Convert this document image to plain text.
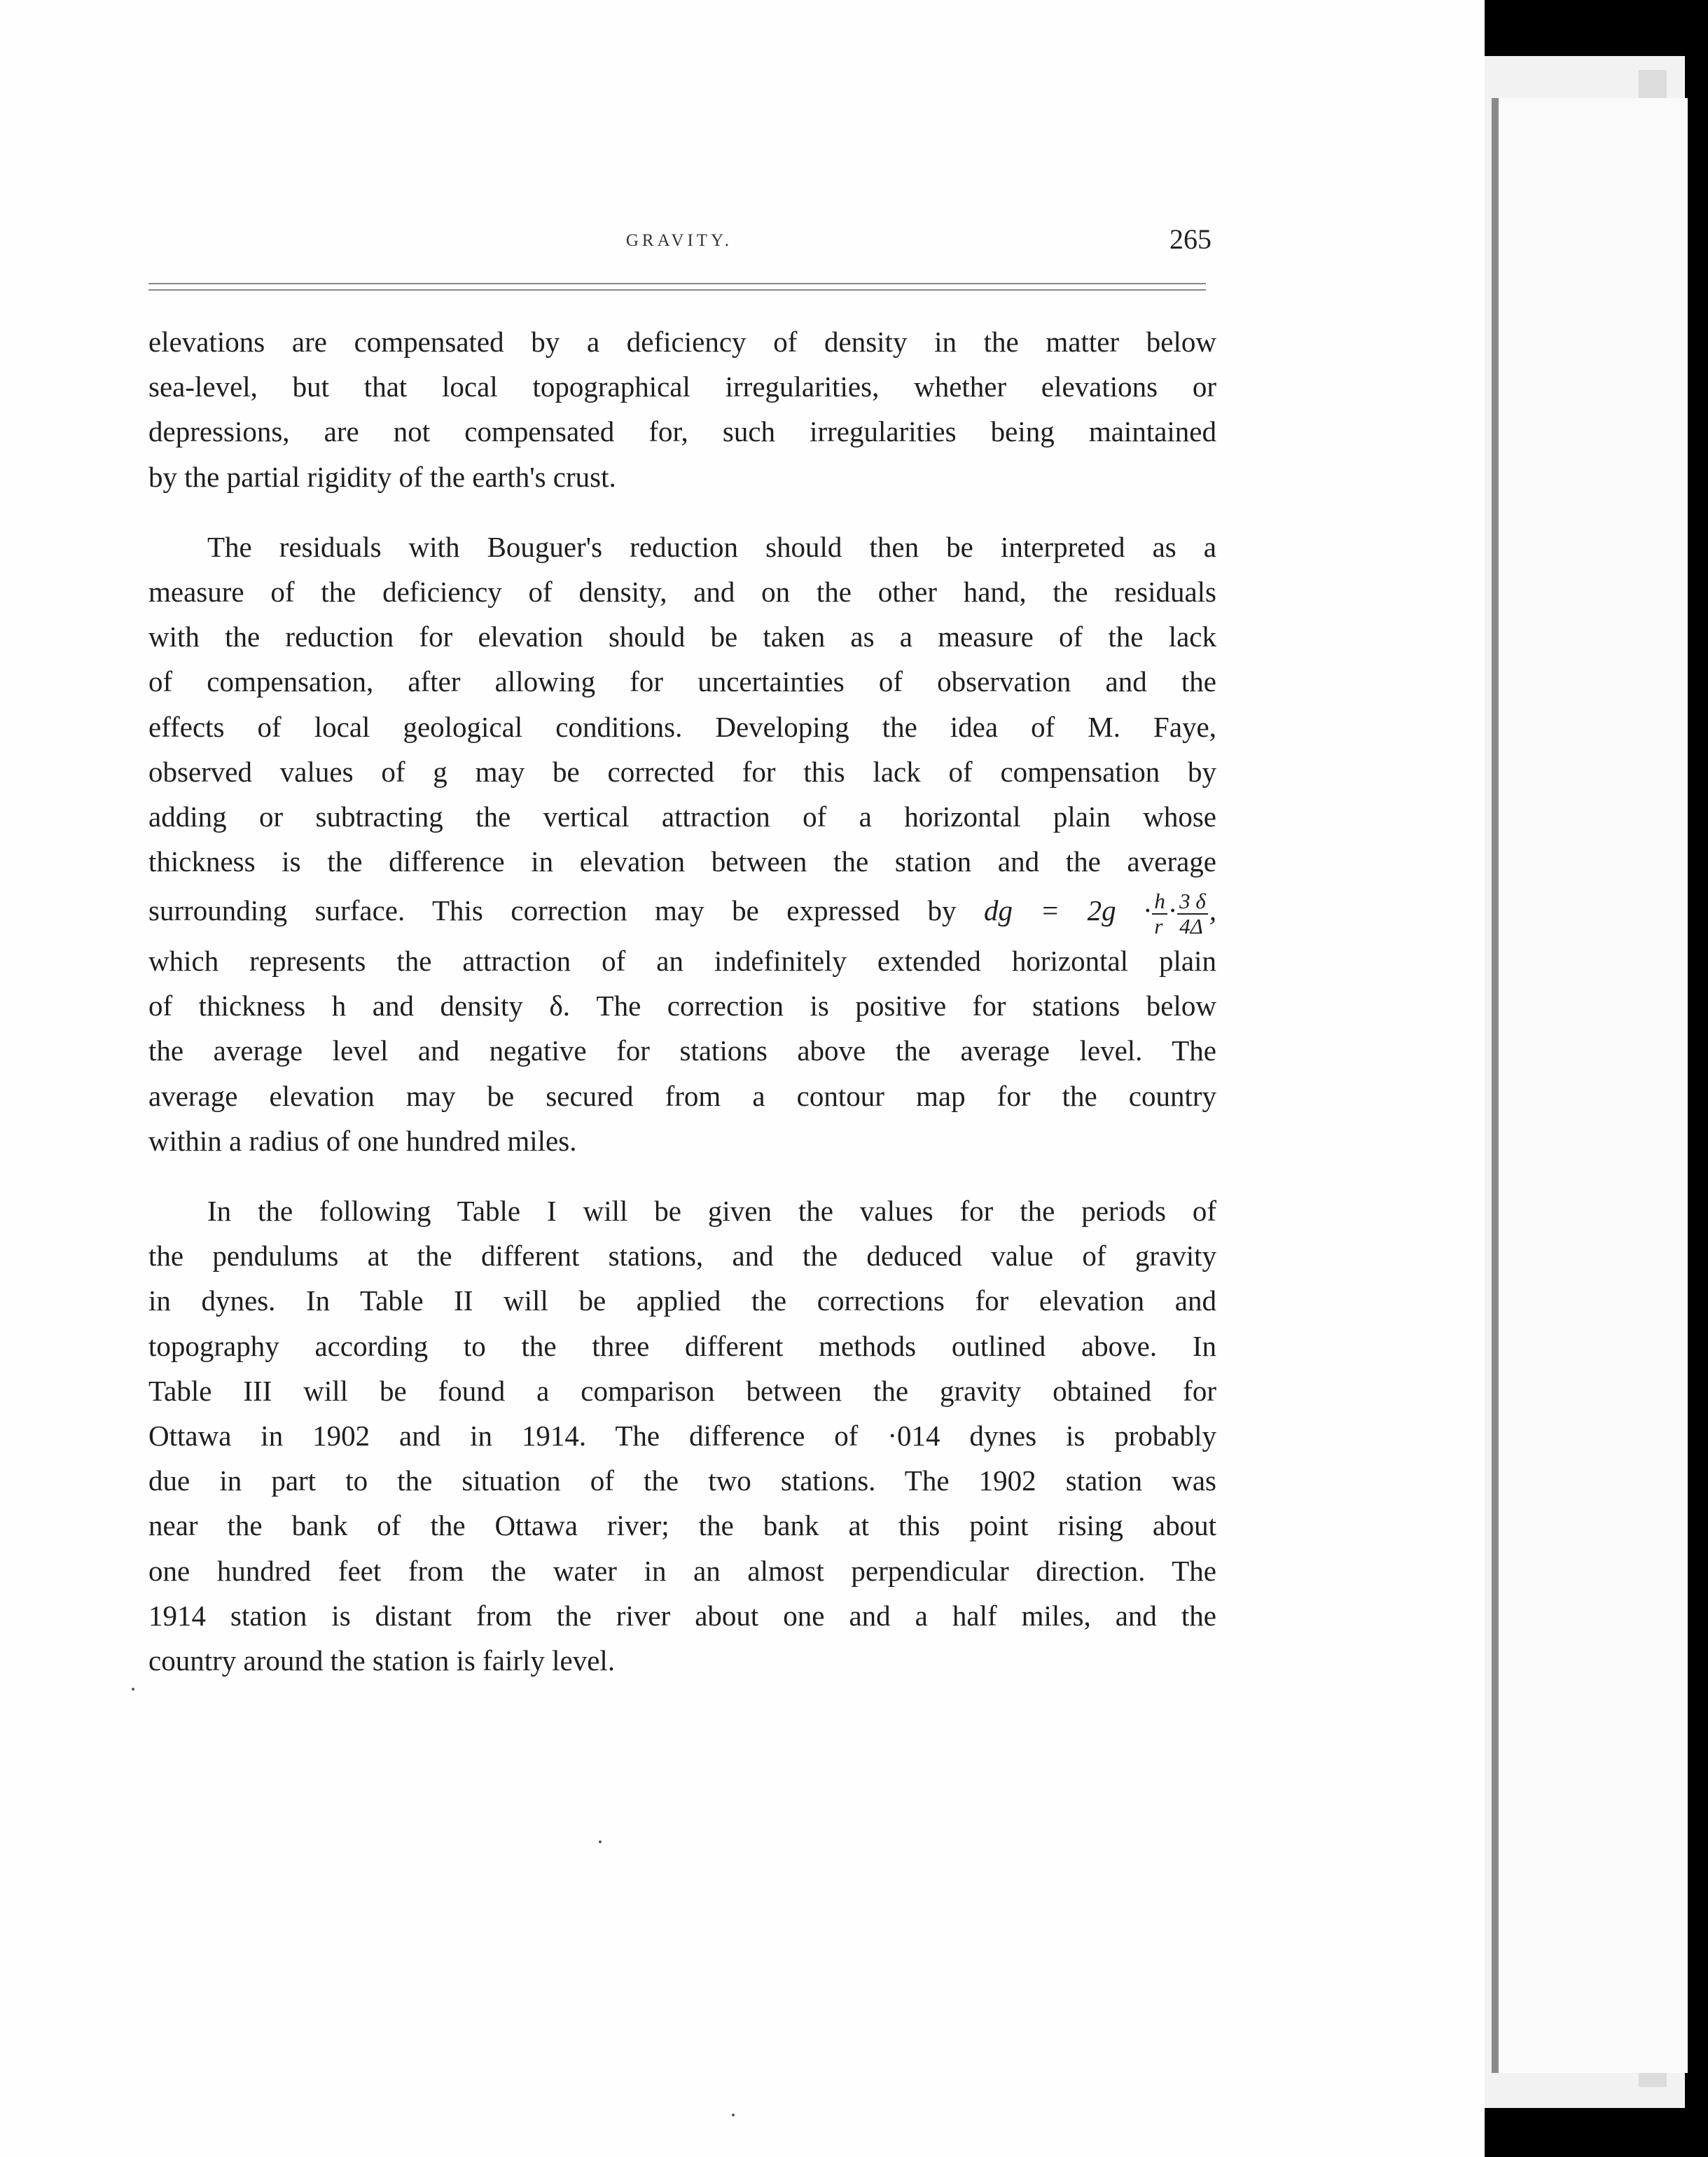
GRAVITY.	265

elevations are compensated by a deficiency of density in the matter below
sea-level, but that local topographical irregularities, whether elevations or
depressions, are not compensated for, such irregularities being maintained
by the partial rigidity of the earth's crust.

The residuals with Bouguer's reduction should then be interpreted as a
measure of the deficiency of density, and on the other hand, the residuals
with the reduction for elevation should be taken as a measure of the lack
of compensation, after allowing for uncertainties of observation and the
effects of local geological conditions. Developing the idea of M. Faye,
observed values of g may be corrected for this lack of compensation by
adding or subtracting the vertical attraction of a horizontal plain whose
thickness is the difference in elevation between the station and the average
surrounding surface. This correction may be expressed by dg = $2g \cdot \frac{h}{r} \cdot \frac{3 \delta}{4\Delta}$ ,
which represents the attraction of an indefinitely extended horizontal plain
of thickness h and density δ. The correction is positive for stations below
the average level and negative for stations above the average level. The
average elevation may be secured from a contour map for the country
within a radius of one hundred miles.

In the following Table I will be given the values for the periods of
the pendulums at the different stations, and the deduced value of gravity
in dynes. In Table II will be applied the corrections for elevation and
topography according to the three different methods outlined above. In
Table III will be found a comparison between the gravity obtained for
Ottawa in 1902 and in 1914. The difference of ·014 dynes is probably
due in part to the situation of the two stations. The 1902 station was
near the bank of the Ottawa river; the bank at this point rising about
one hundred feet from the water in an almost perpendicular direction. The
1914 station is distant from the river about one and a half miles, and the
country around the station is fairly level.
